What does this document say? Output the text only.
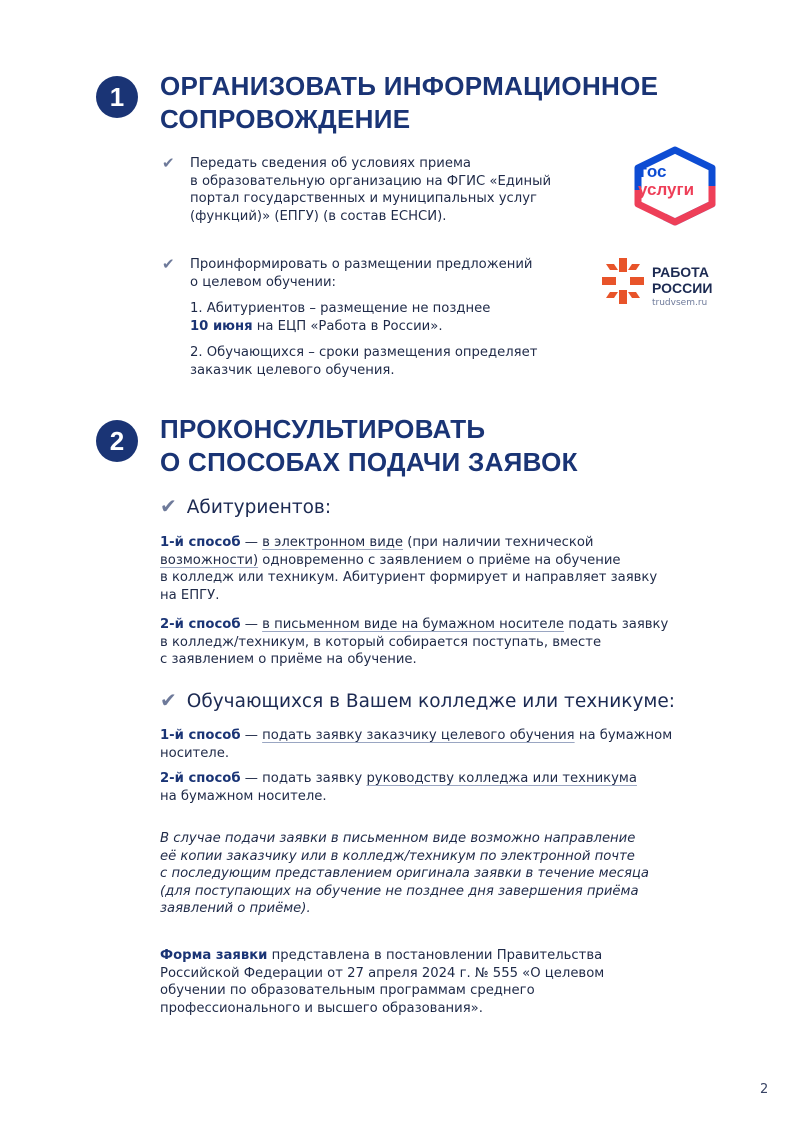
1	ОРГАНИЗОВАТЬ ИНФОРМАЦИОННОЕ
СОПРОВОЖДЕНИЕ
✔ Передать сведения об условиях приема
в образовательную организацию на ФГИС «Единый
портал государственных и муниципальных услуг
(функций)» (ЕПГУ) (в состав ЕСНСИ).
гос
услуги
✔ Проинформировать о размещении предложений
о целевом обучении:
1. Абитуриентов – размещение не позднее
10 июня на ЕЦП «Работа в России».
2. Обучающихся – сроки размещения определяет
заказчик целевого обучения.
РАБОТА
РОССИИ
trudvsem.ru
2	ПРОКОНСУЛЬТИРОВАТЬ
О СПОСОБАХ ПОДАЧИ ЗАЯВОК
✔ Абитуриентов:
1-й способ — в электронном виде (при наличии технической
возможности) одновременно с заявлением о приёме на обучение
в колледж или техникум. Абитуриент формирует и направляет заявку
на ЕПГУ.
2-й способ — в письменном виде на бумажном носителе подать заявку
в колледж/техникум, в который собирается поступать, вместе
с заявлением о приёме на обучение.
✔ Обучающихся в Вашем колледже или техникуме:
1-й способ — подать заявку заказчику целевого обучения на бумажном
носителе.
2-й способ — подать заявку руководству колледжа или техникума
на бумажном носителе.
В случае подачи заявки в письменном виде возможно направление
её копии заказчику или в колледж/техникум по электронной почте
с последующим представлением оригинала заявки в течение месяца
(для поступающих на обучение не позднее дня завершения приёма
заявлений о приёме).
Форма заявки представлена в постановлении Правительства
Российской Федерации от 27 апреля 2024 г. № 555 «О целевом
обучении по образовательным программам среднего
профессионального и высшего образования».
2
